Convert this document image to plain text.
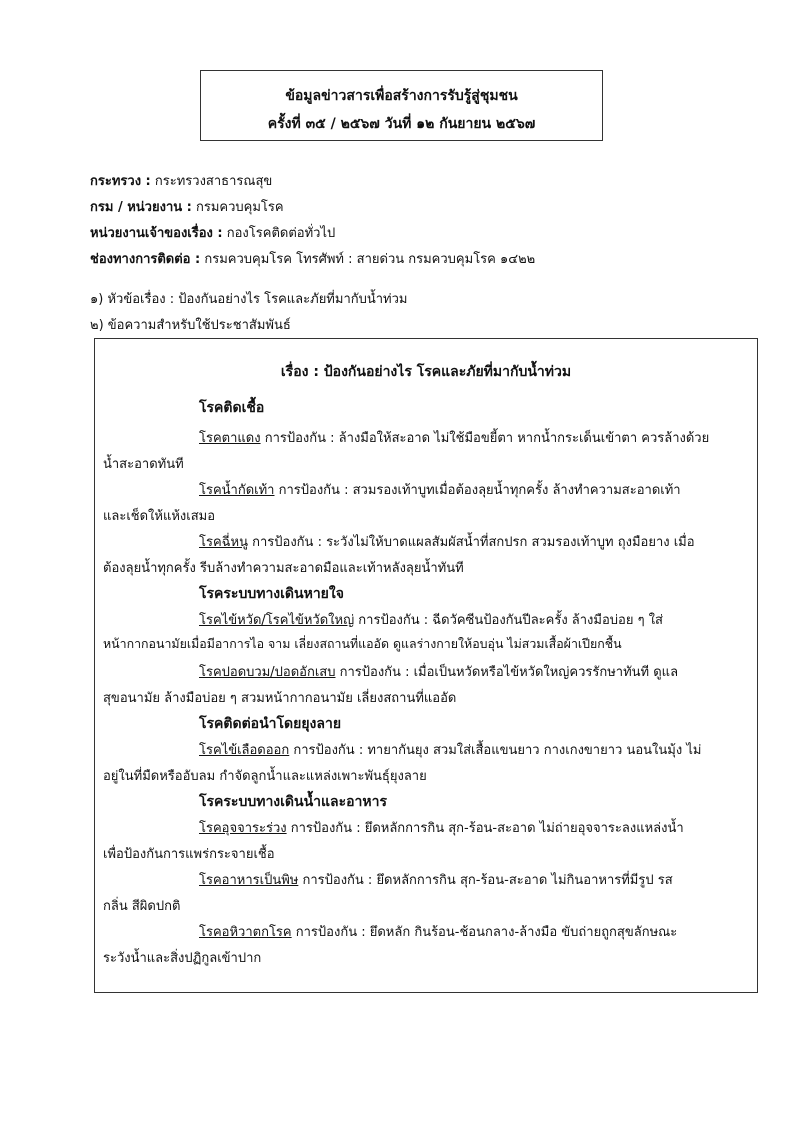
ข้อมูลข่าวสารเพื่อสร้างการรับรู้สู่ชุมชน
ครั้งที่ ๓๕ / ๒๕๖๗ วันที่ ๑๒ กันยายน ๒๕๖๗
กระทรวง : กระทรวงสาธารณสุข
กรม / หน่วยงาน : กรมควบคุมโรค
หน่วยงานเจ้าของเรื่อง : กองโรคติดต่อทั่วไป
ช่องทางการติดต่อ : กรมควบคุมโรค โทรศัพท์ : สายด่วน กรมควบคุมโรค ๑๔๒๒
๑) หัวข้อเรื่อง : ป้องกันอย่างไร โรคและภัยที่มากับน้ำท่วม
๒) ข้อความสำหรับใช้ประชาสัมพันธ์
เรื่อง : ป้องกันอย่างไร โรคและภัยที่มากับน้ำท่วม
โรคติดเชื้อ
โรคตาแดง การป้องกัน : ล้างมือให้สะอาด ไม่ใช้มือขยี้ตา หากน้ำกระเด็นเข้าตา ควรล้างด้วย
น้ำสะอาดทันที
โรคน้ำกัดเท้า การป้องกัน : สวมรองเท้าบูทเมื่อต้องลุยน้ำทุกครั้ง ล้างทำความสะอาดเท้า
และเช็ดให้แห้งเสมอ
โรคฉี่หนู การป้องกัน : ระวังไม่ให้บาดแผลสัมผัสน้ำที่สกปรก สวมรองเท้าบูท ถุงมือยาง เมื่อ
ต้องลุยน้ำทุกครั้ง รีบล้างทำความสะอาดมือและเท้าหลังลุยน้ำทันที
โรคระบบทางเดินหายใจ
โรคไข้หวัด/โรคไข้หวัดใหญ่ การป้องกัน : ฉีดวัคซีนป้องกันปีละครั้ง ล้างมือบ่อย ๆ ใส่
หน้ากากอนามัยเมื่อมีอาการไอ จาม เลี่ยงสถานที่แออัด ดูแลร่างกายให้อบอุ่น ไม่สวมเสื้อผ้าเปียกชื้น
โรคปอดบวม/ปอดอักเสบ การป้องกัน : เมื่อเป็นหวัดหรือไข้หวัดใหญ่ควรรักษาทันที ดูแล
สุขอนามัย ล้างมือบ่อย ๆ สวมหน้ากากอนามัย เลี่ยงสถานที่แออัด
โรคติดต่อนำโดยยุงลาย
โรคไข้เลือดออก การป้องกัน : ทายากันยุง สวมใส่เสื้อแขนยาว กางเกงขายาว นอนในมุ้ง ไม่
อยู่ในที่มืดหรืออับลม กำจัดลูกน้ำและแหล่งเพาะพันธุ์ยุงลาย
โรคระบบทางเดินน้ำและอาหาร
โรคอุจจาระร่วง การป้องกัน : ยึดหลักการกิน สุก-ร้อน-สะอาด ไม่ถ่ายอุจจาระลงแหล่งน้ำ
เพื่อป้องกันการแพร่กระจายเชื้อ
โรคอาหารเป็นพิษ การป้องกัน : ยึดหลักการกิน สุก-ร้อน-สะอาด ไม่กินอาหารที่มีรูป รส
กลิ่น สีผิดปกติ
โรคอหิวาตกโรค การป้องกัน : ยึดหลัก กินร้อน-ช้อนกลาง-ล้างมือ ขับถ่ายถูกสุขลักษณะ
ระวังน้ำและสิ่งปฏิกูลเข้าปาก
